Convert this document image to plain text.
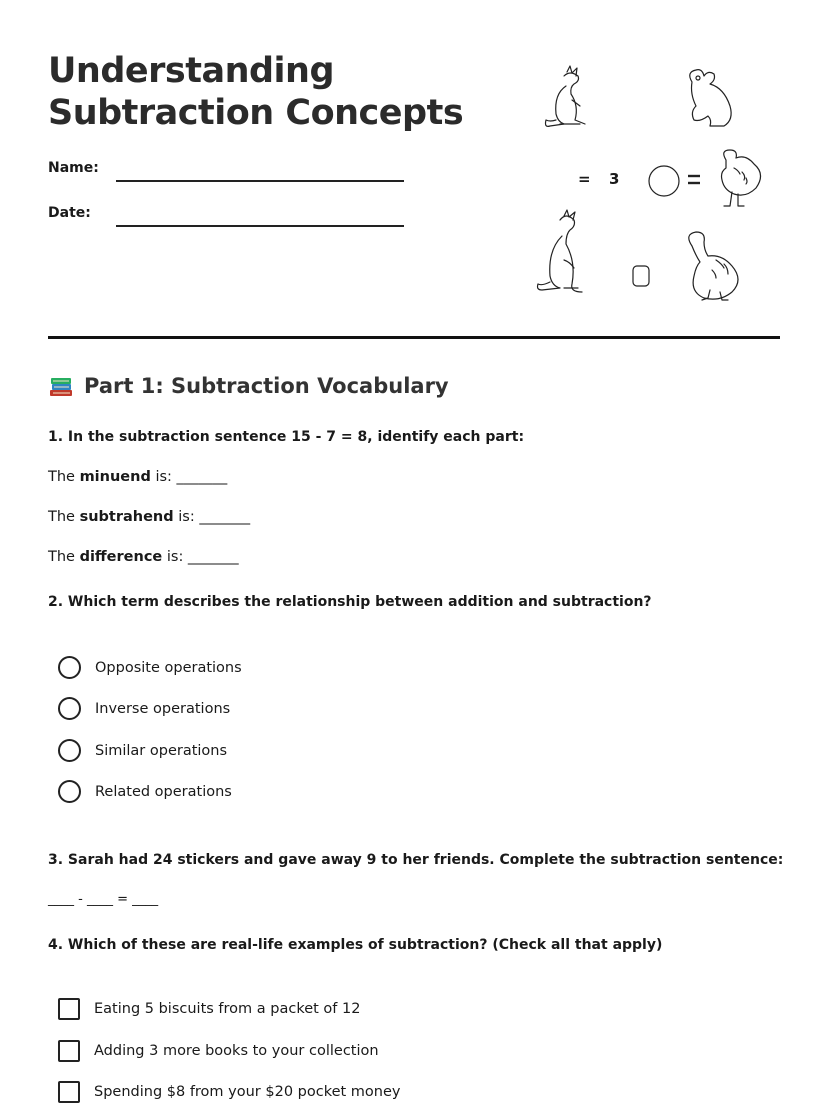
Understanding
Subtraction Concepts
Name:
Date:
= 3
Part 1: Subtraction Vocabulary
1. In the subtraction sentence 15 - 7 = 8, identify each part:
The minuend is: _______
The subtrahend is: _______
The difference is: _______
2. Which term describes the relationship between addition and subtraction?
Opposite operations
Inverse operations
Similar operations
Related operations
3. Sarah had 24 stickers and gave away 9 to her friends. Complete the subtraction sentence:
____ - ____ = ____
4. Which of these are real-life examples of subtraction? (Check all that apply)
Eating 5 biscuits from a packet of 12
Adding 3 more books to your collection
Spending $8 from your $20 pocket money
